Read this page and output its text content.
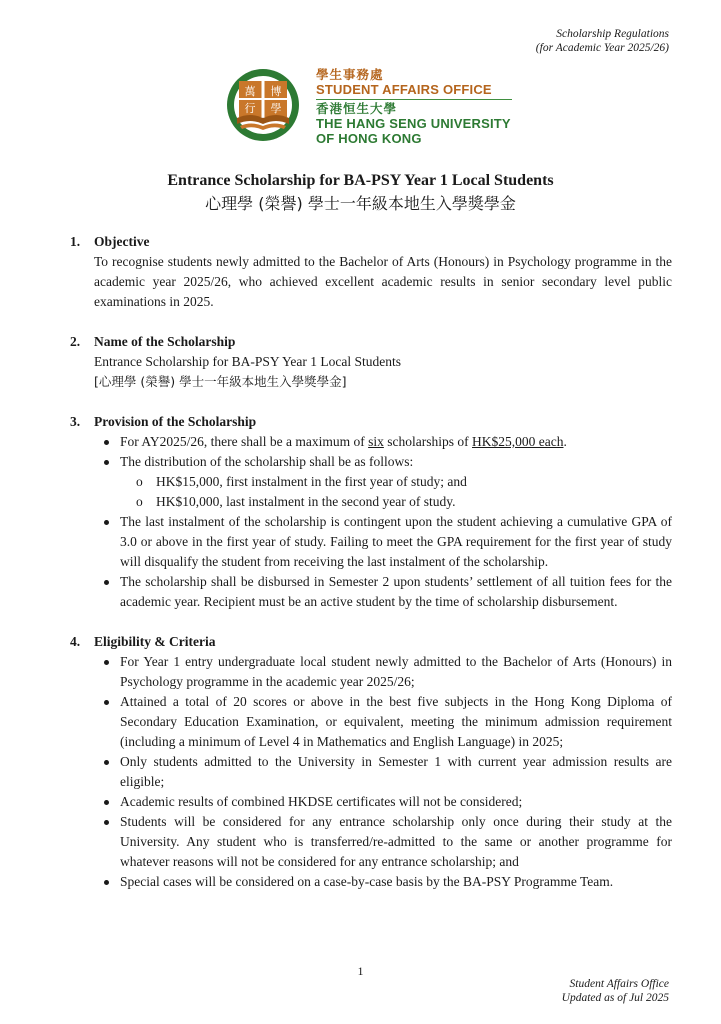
Scholarship Regulations
(for Academic Year 2025/26)
萬 博
行 學
學生事務處
STUDENT AFFAIRS OFFICE
香港恒生大學
THE HANG SENG UNIVERSITY
OF HONG KONG
Entrance Scholarship for BA-PSY Year 1 Local Students
心理學 (榮譽) 學士一年級本地生入學獎學金
1. Objective
To recognise students newly admitted to the Bachelor of Arts (Honours) in Psychology programme in the academic year 2025/26, who achieved excellent academic results in senior secondary level public examinations in 2025.
2. Name of the Scholarship
Entrance Scholarship for BA-PSY Year 1 Local Students
[心理學 (榮譽) 學士一年級本地生入學獎學金]
3. Provision of the Scholarship
For AY2025/26, there shall be a maximum of six scholarships of HK$25,000 each.
The distribution of the scholarship shall be as follows:
o HK$15,000, first instalment in the first year of study; and
o HK$10,000, last instalment in the second year of study.
The last instalment of the scholarship is contingent upon the student achieving a cumulative GPA of 3.0 or above in the first year of study. Failing to meet the GPA requirement for the first year of study will disqualify the student from receiving the last instalment of the scholarship.
The scholarship shall be disbursed in Semester 2 upon students’ settlement of all tuition fees for the academic year. Recipient must be an active student by the time of scholarship disbursement.
4. Eligibility & Criteria
For Year 1 entry undergraduate local student newly admitted to the Bachelor of Arts (Honours) in Psychology programme in the academic year 2025/26;
Attained a total of 20 scores or above in the best five subjects in the Hong Kong Diploma of Secondary Education Examination, or equivalent, meeting the minimum admission requirement (including a minimum of Level 4 in Mathematics and English Language) in 2025;
Only students admitted to the University in Semester 1 with current year admission results are eligible;
Academic results of combined HKDSE certificates will not be considered;
Students will be considered for any entrance scholarship only once during their study at the University. Any student who is transferred/re-admitted to the same or another programme for whatever reasons will not be considered for any entrance scholarship; and
Special cases will be considered on a case-by-case basis by the BA-PSY Programme Team.
1
Student Affairs Office
Updated as of Jul 2025
